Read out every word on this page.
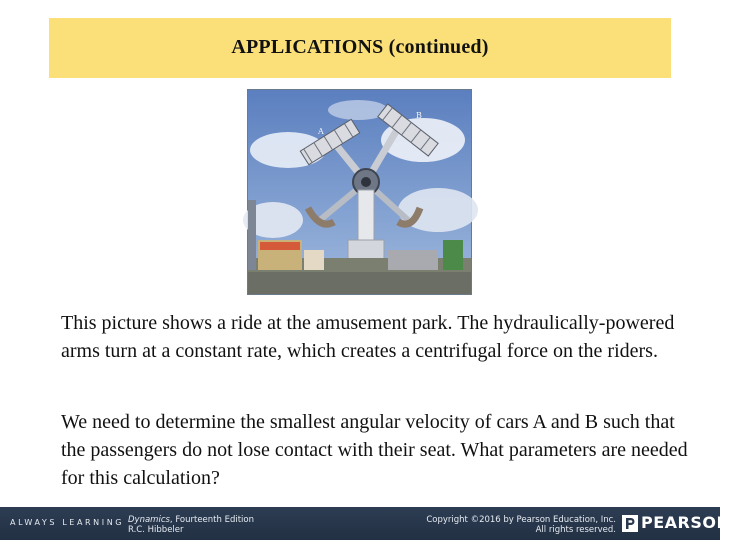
APPLICATIONS (continued)
A
B
This picture shows a ride at the amusement park. The hydraulically-powered arms turn at a constant rate, which creates a centrifugal force on the riders.
We need to determine the smallest angular velocity of cars A and B such that the passengers do not lose contact with their seat. What parameters are needed for this calculation?
ALWAYS LEARNING Dynamics, Fourteenth Edition
R.C. Hibbeler
Copyright ©2016 by Pearson Education, Inc.
All rights reserved. PEARSON
